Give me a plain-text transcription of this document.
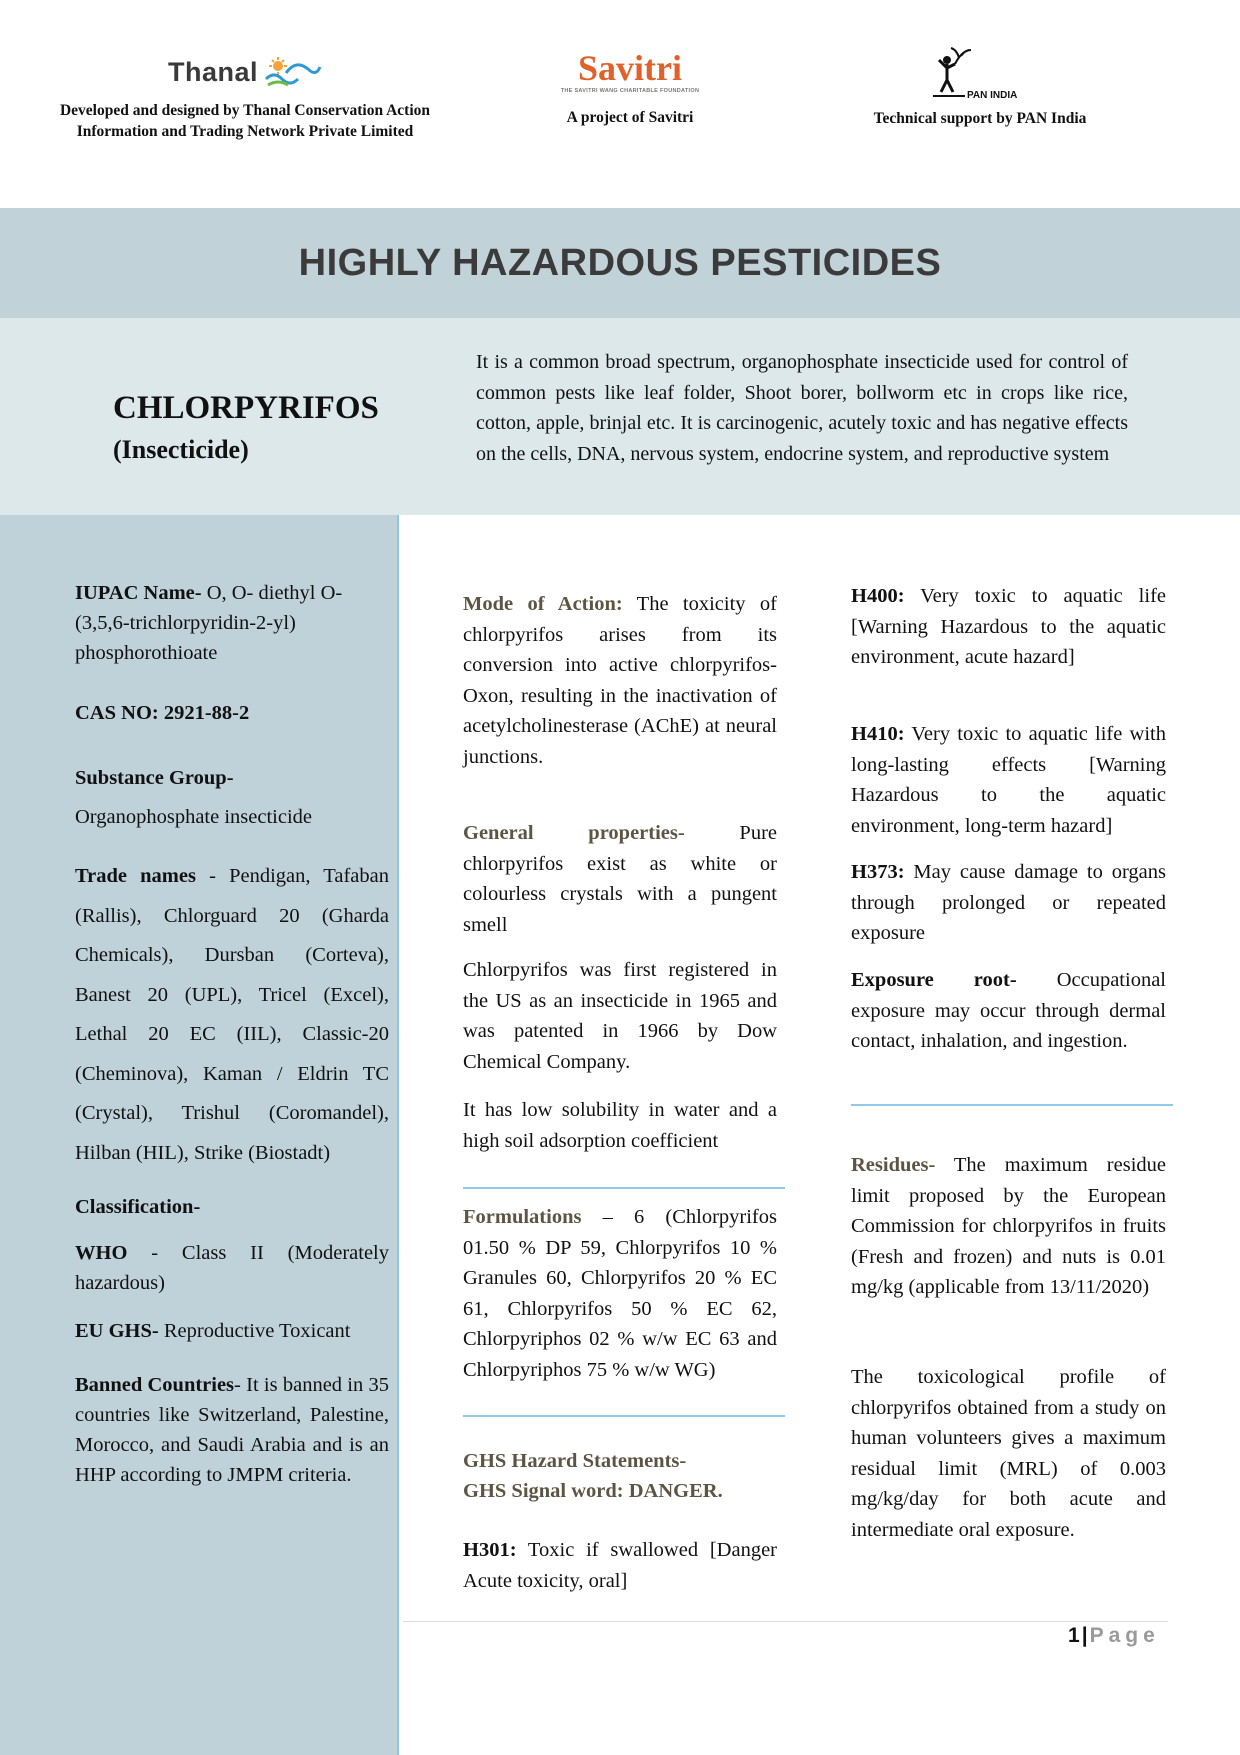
Thanal
Developed and designed by Thanal Conservation Action Information and Trading Network Private Limited
Savitri
THE SAVITRI WANG CHARITABLE FOUNDATION
A project of Savitri
PAN INDIA
Technical support by PAN India
HIGHLY HAZARDOUS PESTICIDES
CHLORPYRIFOS
(Insecticide)
It is a common broad spectrum, organophosphate insecticide used for control of common pests like leaf folder, Shoot borer, bollworm etc in crops like rice, cotton, apple, brinjal etc. It is carcinogenic, acutely toxic and has negative effects on the cells, DNA, nervous system, endocrine system, and reproductive system
IUPAC Name- O, O- diethyl O-(3,5,6-trichlorpyridin-2-yl) phosphorothioate
CAS NO: 2921-88-2
Substance Group-
Organophosphate insecticide
Trade names - Pendigan, Tafaban (Rallis), Chlorguard 20 (Gharda Chemicals), Dursban (Corteva), Banest 20 (UPL), Tricel (Excel), Lethal 20 EC (IIL), Classic-20 (Cheminova), Kaman / Eldrin TC (Crystal), Trishul (Coromandel), Hilban (HIL), Strike (Biostadt)
Classification-
WHO - Class II (Moderately hazardous)
EU GHS- Reproductive Toxicant
Banned Countries- It is banned in 35 countries like Switzerland, Palestine, Morocco, and Saudi Arabia and is an HHP according to JMPM criteria.
Mode of Action: The toxicity of chlorpyrifos arises from its conversion into active chlorpyrifos-Oxon, resulting in the inactivation of acetylcholinesterase (AChE) at neural junctions.
General properties- Pure chlorpyrifos exist as white or colourless crystals with a pungent smell
Chlorpyrifos was first registered in the US as an insecticide in 1965 and was patented in 1966 by Dow Chemical Company.
It has low solubility in water and a high soil adsorption coefficient
Formulations – 6 (Chlorpyrifos 01.50 % DP 59, Chlorpyrifos 10 % Granules 60, Chlorpyrifos 20 % EC 61, Chlorpyrifos 50 % EC 62, Chlorpyriphos 02 % w/w EC 63 and Chlorpyriphos 75 % w/w WG)
GHS Hazard Statements-
GHS Signal word: DANGER.
H301: Toxic if swallowed [Danger Acute toxicity, oral]
H400: Very toxic to aquatic life [Warning Hazardous to the aquatic environment, acute hazard]
H410: Very toxic to aquatic life with long-lasting effects [Warning Hazardous to the aquatic environment, long-term hazard]
H373: May cause damage to organs through prolonged or repeated exposure
Exposure root- Occupational exposure may occur through dermal contact, inhalation, and ingestion.
Residues- The maximum residue limit proposed by the European Commission for chlorpyrifos in fruits (Fresh and frozen) and nuts is 0.01 mg/kg (applicable from 13/11/2020)
The toxicological profile of chlorpyrifos obtained from a study on human volunteers gives a maximum residual limit (MRL) of 0.003 mg/kg/day for both acute and intermediate oral exposure.
1|Page
